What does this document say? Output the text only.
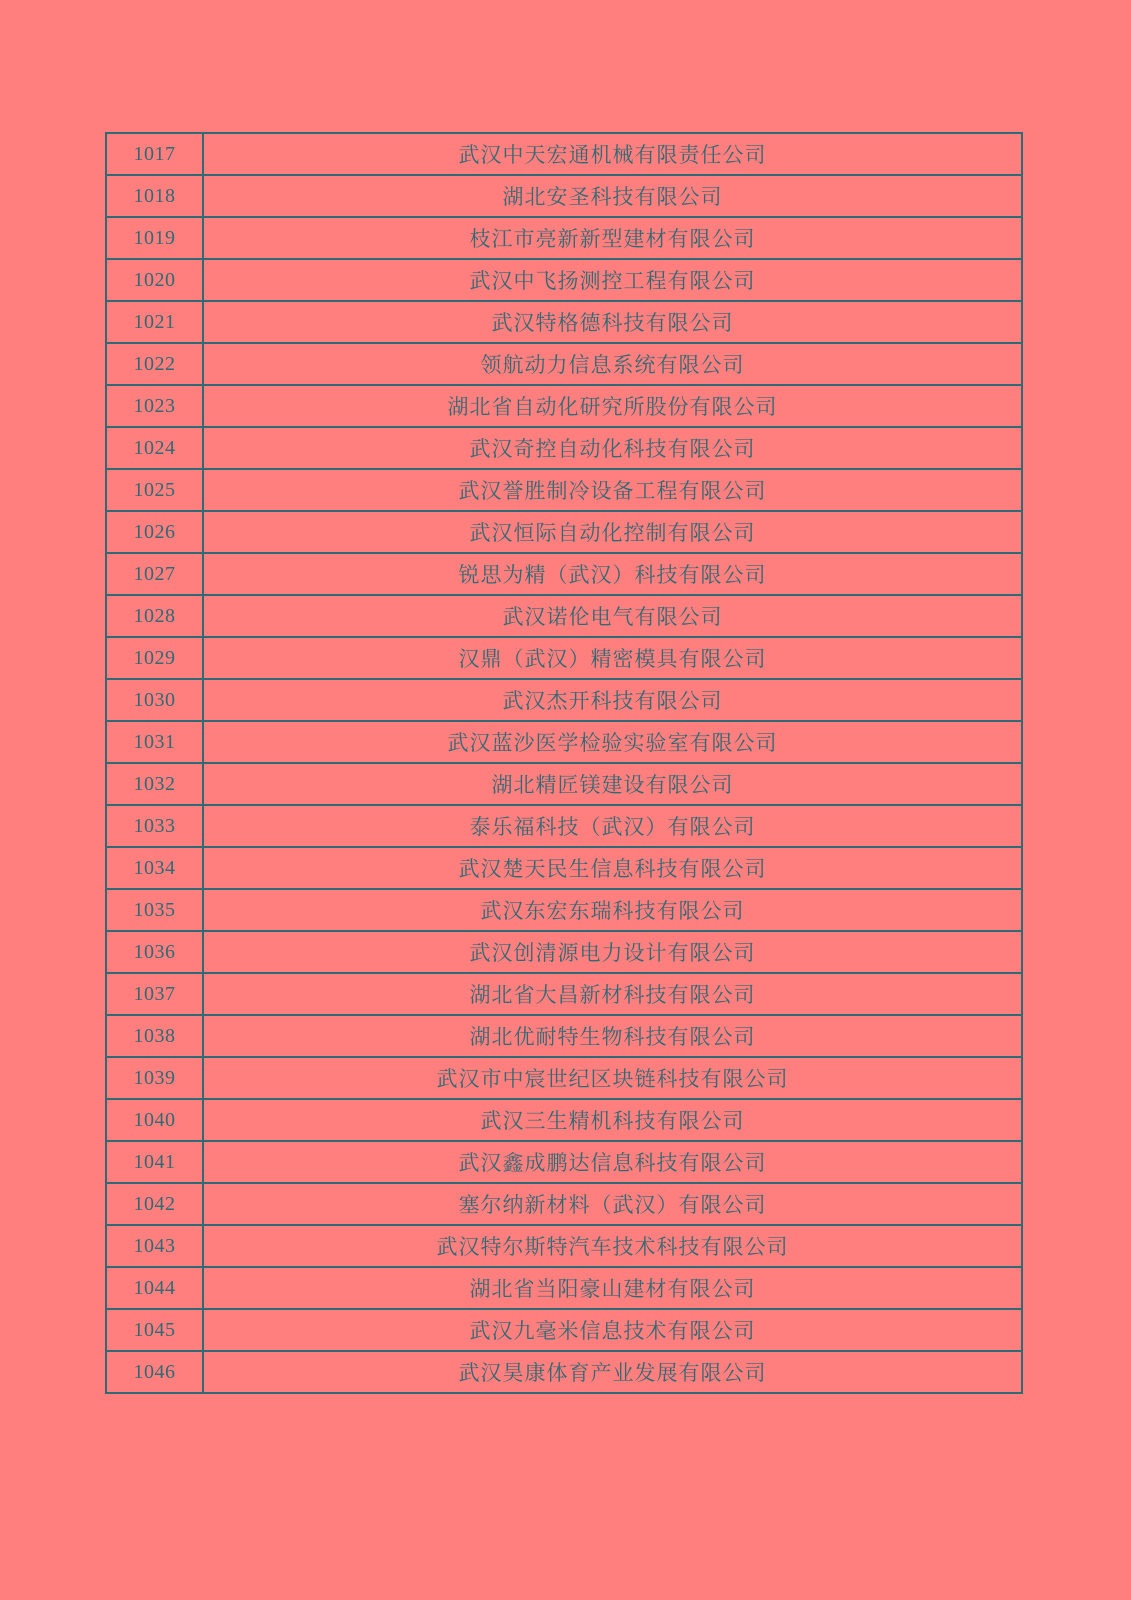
1017	武汉中天宏通机械有限责任公司
1018	湖北安圣科技有限公司
1019	枝江市亮新新型建材有限公司
1020	武汉中飞扬测控工程有限公司
1021	武汉特格德科技有限公司
1022	领航动力信息系统有限公司
1023	湖北省自动化研究所股份有限公司
1024	武汉奇控自动化科技有限公司
1025	武汉誉胜制冷设备工程有限公司
1026	武汉恒际自动化控制有限公司
1027	锐思为精（武汉）科技有限公司
1028	武汉诺伦电气有限公司
1029	汉鼎（武汉）精密模具有限公司
1030	武汉杰开科技有限公司
1031	武汉蓝沙医学检验实验室有限公司
1032	湖北精匠镁建设有限公司
1033	泰乐福科技（武汉）有限公司
1034	武汉楚天民生信息科技有限公司
1035	武汉东宏东瑞科技有限公司
1036	武汉创清源电力设计有限公司
1037	湖北省大昌新材科技有限公司
1038	湖北优耐特生物科技有限公司
1039	武汉市中宸世纪区块链科技有限公司
1040	武汉三生精机科技有限公司
1041	武汉鑫成鹏达信息科技有限公司
1042	塞尔纳新材料（武汉）有限公司
1043	武汉特尔斯特汽车技术科技有限公司
1044	湖北省当阳豪山建材有限公司
1045	武汉九毫米信息技术有限公司
1046	武汉昊康体育产业发展有限公司
